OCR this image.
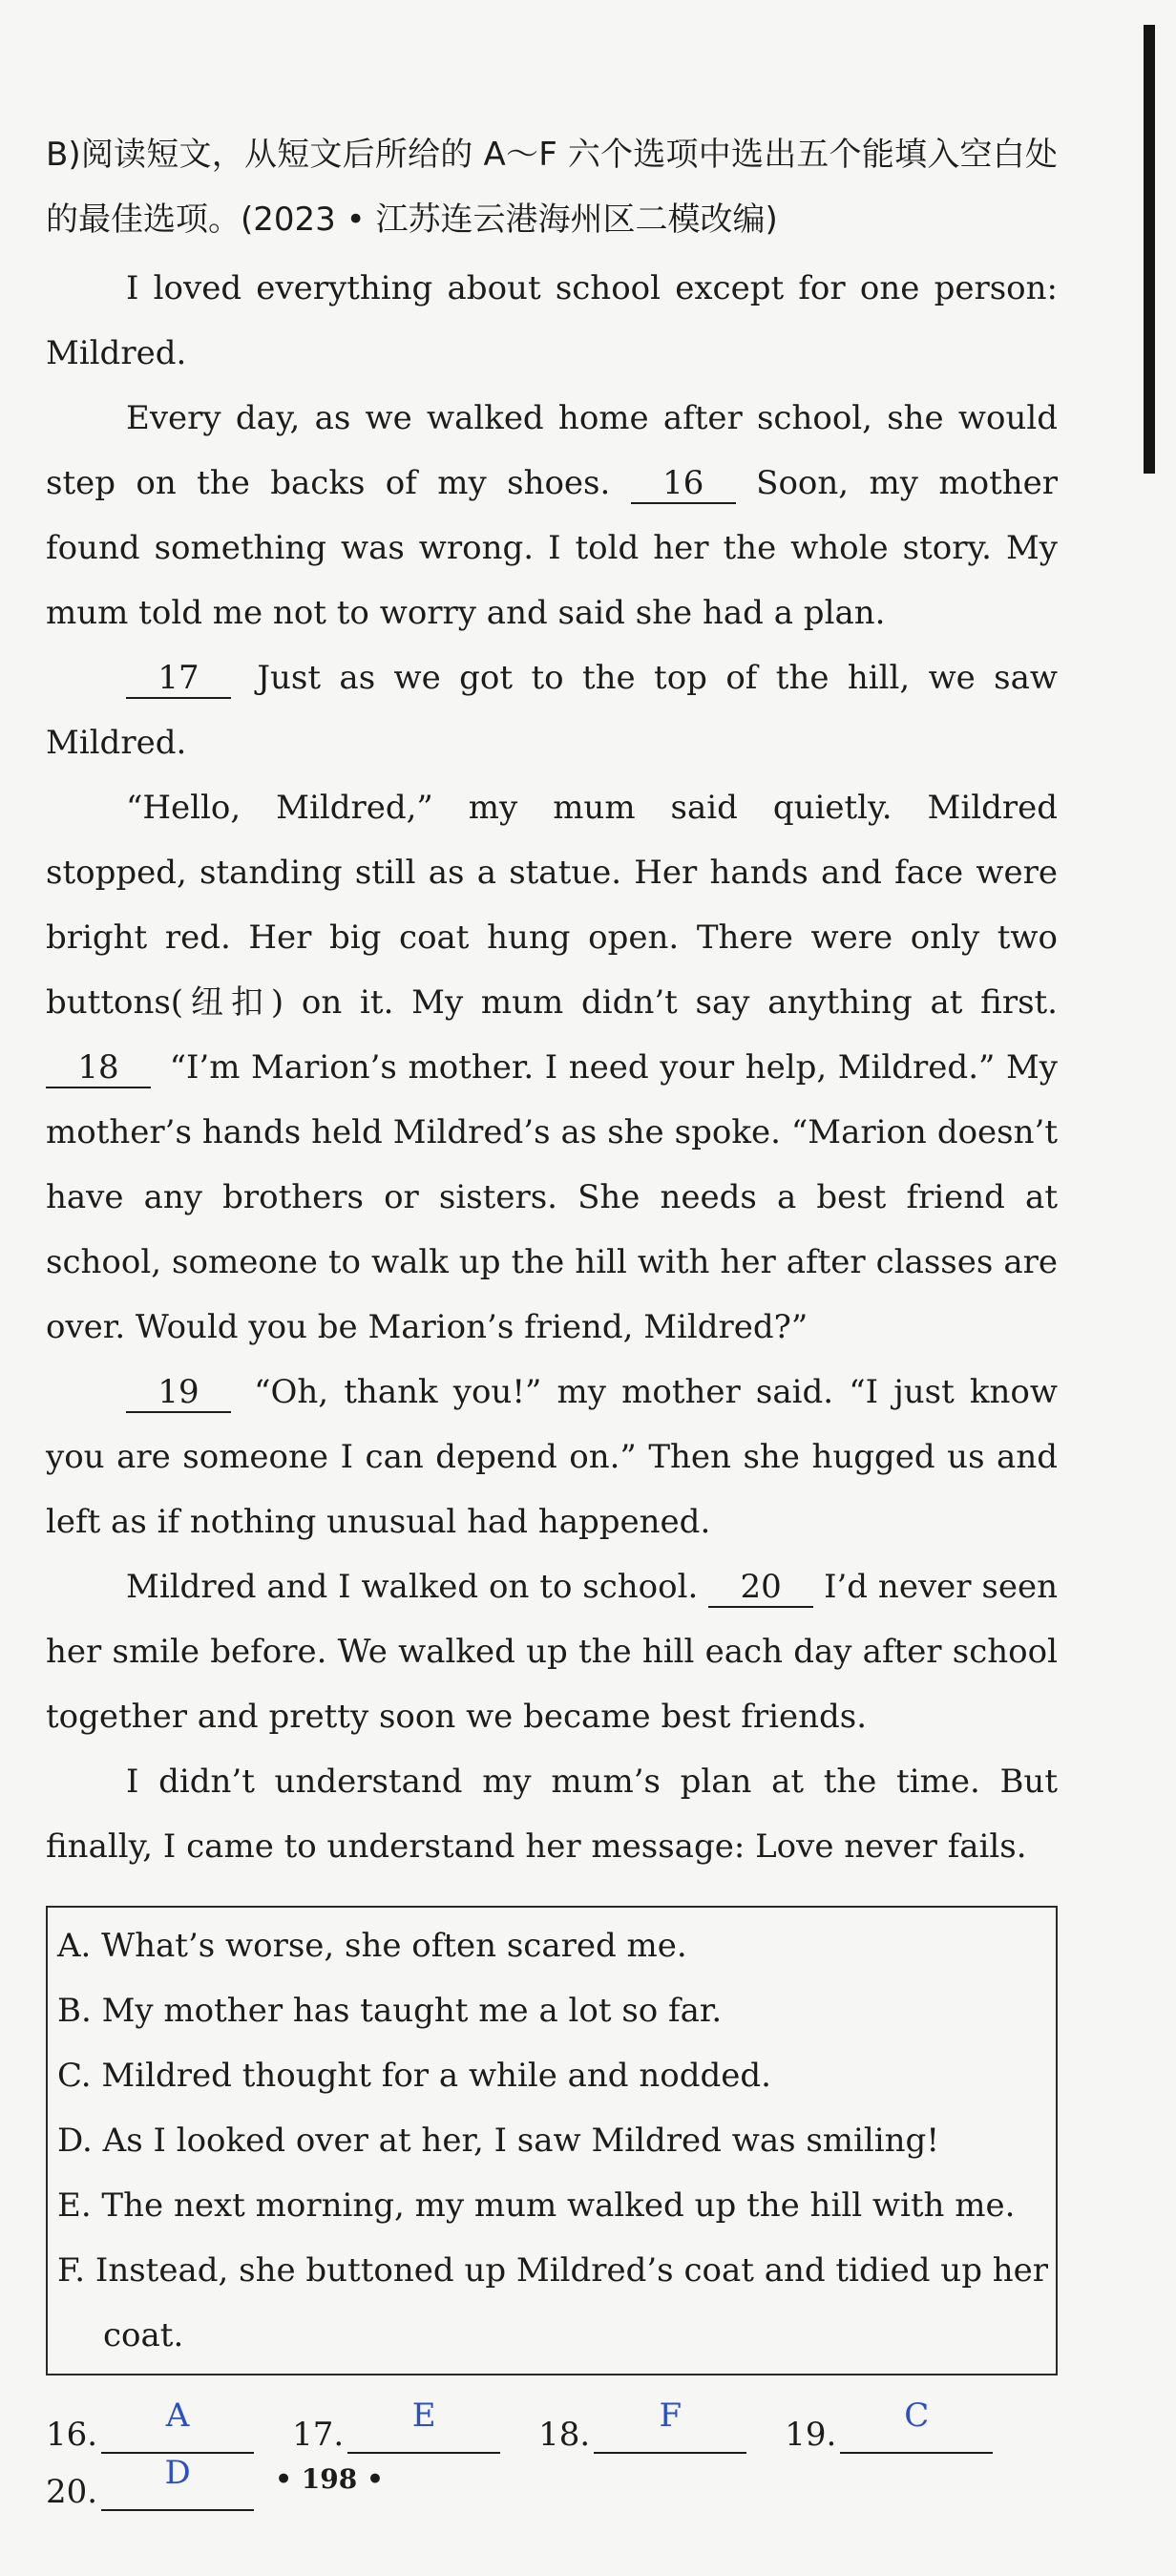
B)阅读短文，从短文后所给的 A～F 六个选项中选出五个能填入空白处的最佳选项。(2023 • 江苏连云港海州区二模改编)

I loved everything about school except for one person: Mildred.

Every day, as we walked home after school, she would step on the backs of my shoes. 16 Soon, my mother found something was wrong. I told her the whole story. My mum told me not to worry and said she had a plan.

17 Just as we got to the top of the hill, we saw Mildred.

“Hello, Mildred,” my mum said quietly. Mildred stopped, standing still as a statue. Her hands and face were bright red. Her big coat hung open. There were only two buttons(纽扣) on it. My mum didn’t say anything at first. 18 “I’m Marion’s mother. I need your help, Mildred.” My mother’s hands held Mildred’s as she spoke. “Marion doesn’t have any brothers or sisters. She needs a best friend at school, someone to walk up the hill with her after classes are over. Would you be Marion’s friend, Mildred?”

19 “Oh, thank you!” my mother said. “I just know you are someone I can depend on.” Then she hugged us and left as if nothing unusual had happened.

Mildred and I walked on to school. 20 I’d never seen her smile before. We walked up the hill each day after school together and pretty soon we became best friends.

I didn’t understand my mum’s plan at the time. But finally, I came to understand her message: Love never fails.

A. What’s worse, she often scared me.

B. My mother has taught me a lot so far.

C. Mildred thought for a while and nodded.

D. As I looked over at her, I saw Mildred was smiling!

E. The next morning, my mum walked up the hill with me.

F. Instead, she buttoned up Mildred’s coat and tidied up her coat.

16.	A	17.	E	18.	F	19.	C
20.	D	• 198 •
